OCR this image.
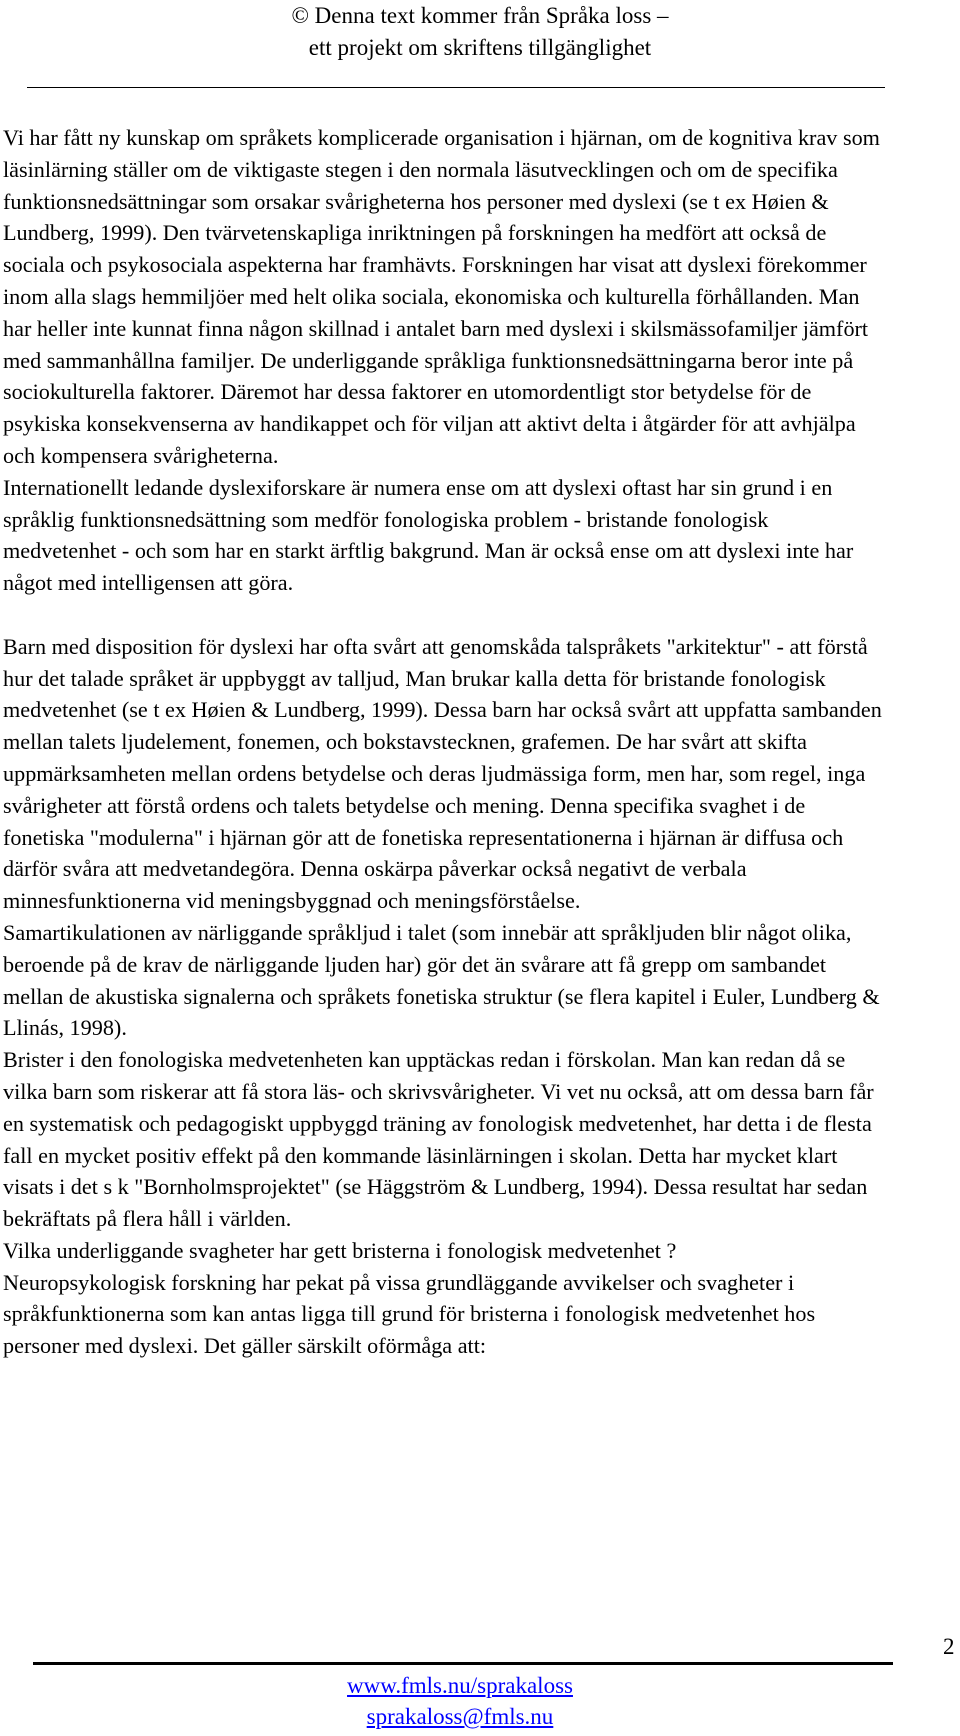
© Denna text kommer från Språka loss –
ett projekt om skriftens tillgänglighet

Vi har fått ny kunskap om språkets komplicerade organisation i hjärnan, om de kognitiva krav som läsinlärning ställer om de viktigaste stegen i den normala läsutvecklingen och om de specifika funktionsnedsättningar som orsakar svårigheterna hos personer med dyslexi (se t ex Høien & Lundberg, 1999). Den tvärvetenskapliga inriktningen på forskningen ha medfört att också de sociala och psykosociala aspekterna har framhävts. Forskningen har visat att dyslexi förekommer inom alla slags hemmiljöer med helt olika sociala, ekonomiska och kulturella förhållanden. Man har heller inte kunnat finna någon skillnad i antalet barn med dyslexi i skilsmässofamiljer jämfört med sammanhållna familjer. De underliggande språkliga funktionsnedsättningarna beror inte på sociokulturella faktorer. Däremot har dessa faktorer en utomordentligt stor betydelse för de psykiska konsekvenserna av handikappet och för viljan att aktivt delta i åtgärder för att avhjälpa och kompensera svårigheterna.

Internationellt ledande dyslexiforskare är numera ense om att dyslexi oftast har sin grund i en språklig funktionsnedsättning som medför fonologiska problem - bristande fonologisk medvetenhet - och som har en starkt ärftlig bakgrund. Man är också ense om att dyslexi inte har något med intelligensen att göra.

Barn med disposition för dyslexi har ofta svårt att genomskåda talspråkets "arkitektur" - att förstå hur det talade språket är uppbyggt av talljud, Man brukar kalla detta för bristande fonologisk medvetenhet (se t ex Høien & Lundberg, 1999). Dessa barn har också svårt att uppfatta sambanden mellan talets ljudelement, fonemen, och bokstavstecknen, grafemen. De har svårt att skifta uppmärksamheten mellan ordens betydelse och deras ljudmässiga form, men har, som regel, inga svårigheter att förstå ordens och talets betydelse och mening. Denna specifika svaghet i de fonetiska "modulerna" i hjärnan gör att de fonetiska representationerna i hjärnan är diffusa och därför svåra att medvetandegöra. Denna oskärpa påverkar också negativt de verbala minnesfunktionerna vid meningsbyggnad och meningsförståelse.

Samartikulationen av närliggande språkljud i talet (som innebär att språkljuden blir något olika, beroende på de krav de närliggande ljuden har) gör det än svårare att få grepp om sambandet mellan de akustiska signalerna och språkets fonetiska struktur (se flera kapitel i Euler, Lundberg & Llinás, 1998).

Brister i den fonologiska medvetenheten kan upptäckas redan i förskolan. Man kan redan då se vilka barn som riskerar att få stora läs- och skrivsvårigheter. Vi vet nu också, att om dessa barn får en systematisk och pedagogiskt uppbyggd träning av fonologisk medvetenhet, har detta i de flesta fall en mycket positiv effekt på den kommande läsinlärningen i skolan. Detta har mycket klart visats i det s k "Bornholmsprojektet" (se Häggström & Lundberg, 1994). Dessa resultat har sedan bekräftats på flera håll i världen.

Vilka underliggande svagheter har gett bristerna i fonologisk medvetenhet ?

Neuropsykologisk forskning har pekat på vissa grundläggande avvikelser och svagheter i språkfunktionerna som kan antas ligga till grund för bristerna i fonologisk medvetenhet hos personer med dyslexi. Det gäller särskilt oförmåga att:

2
www.fmls.nu/sprakaloss
sprakaloss@fmls.nu
